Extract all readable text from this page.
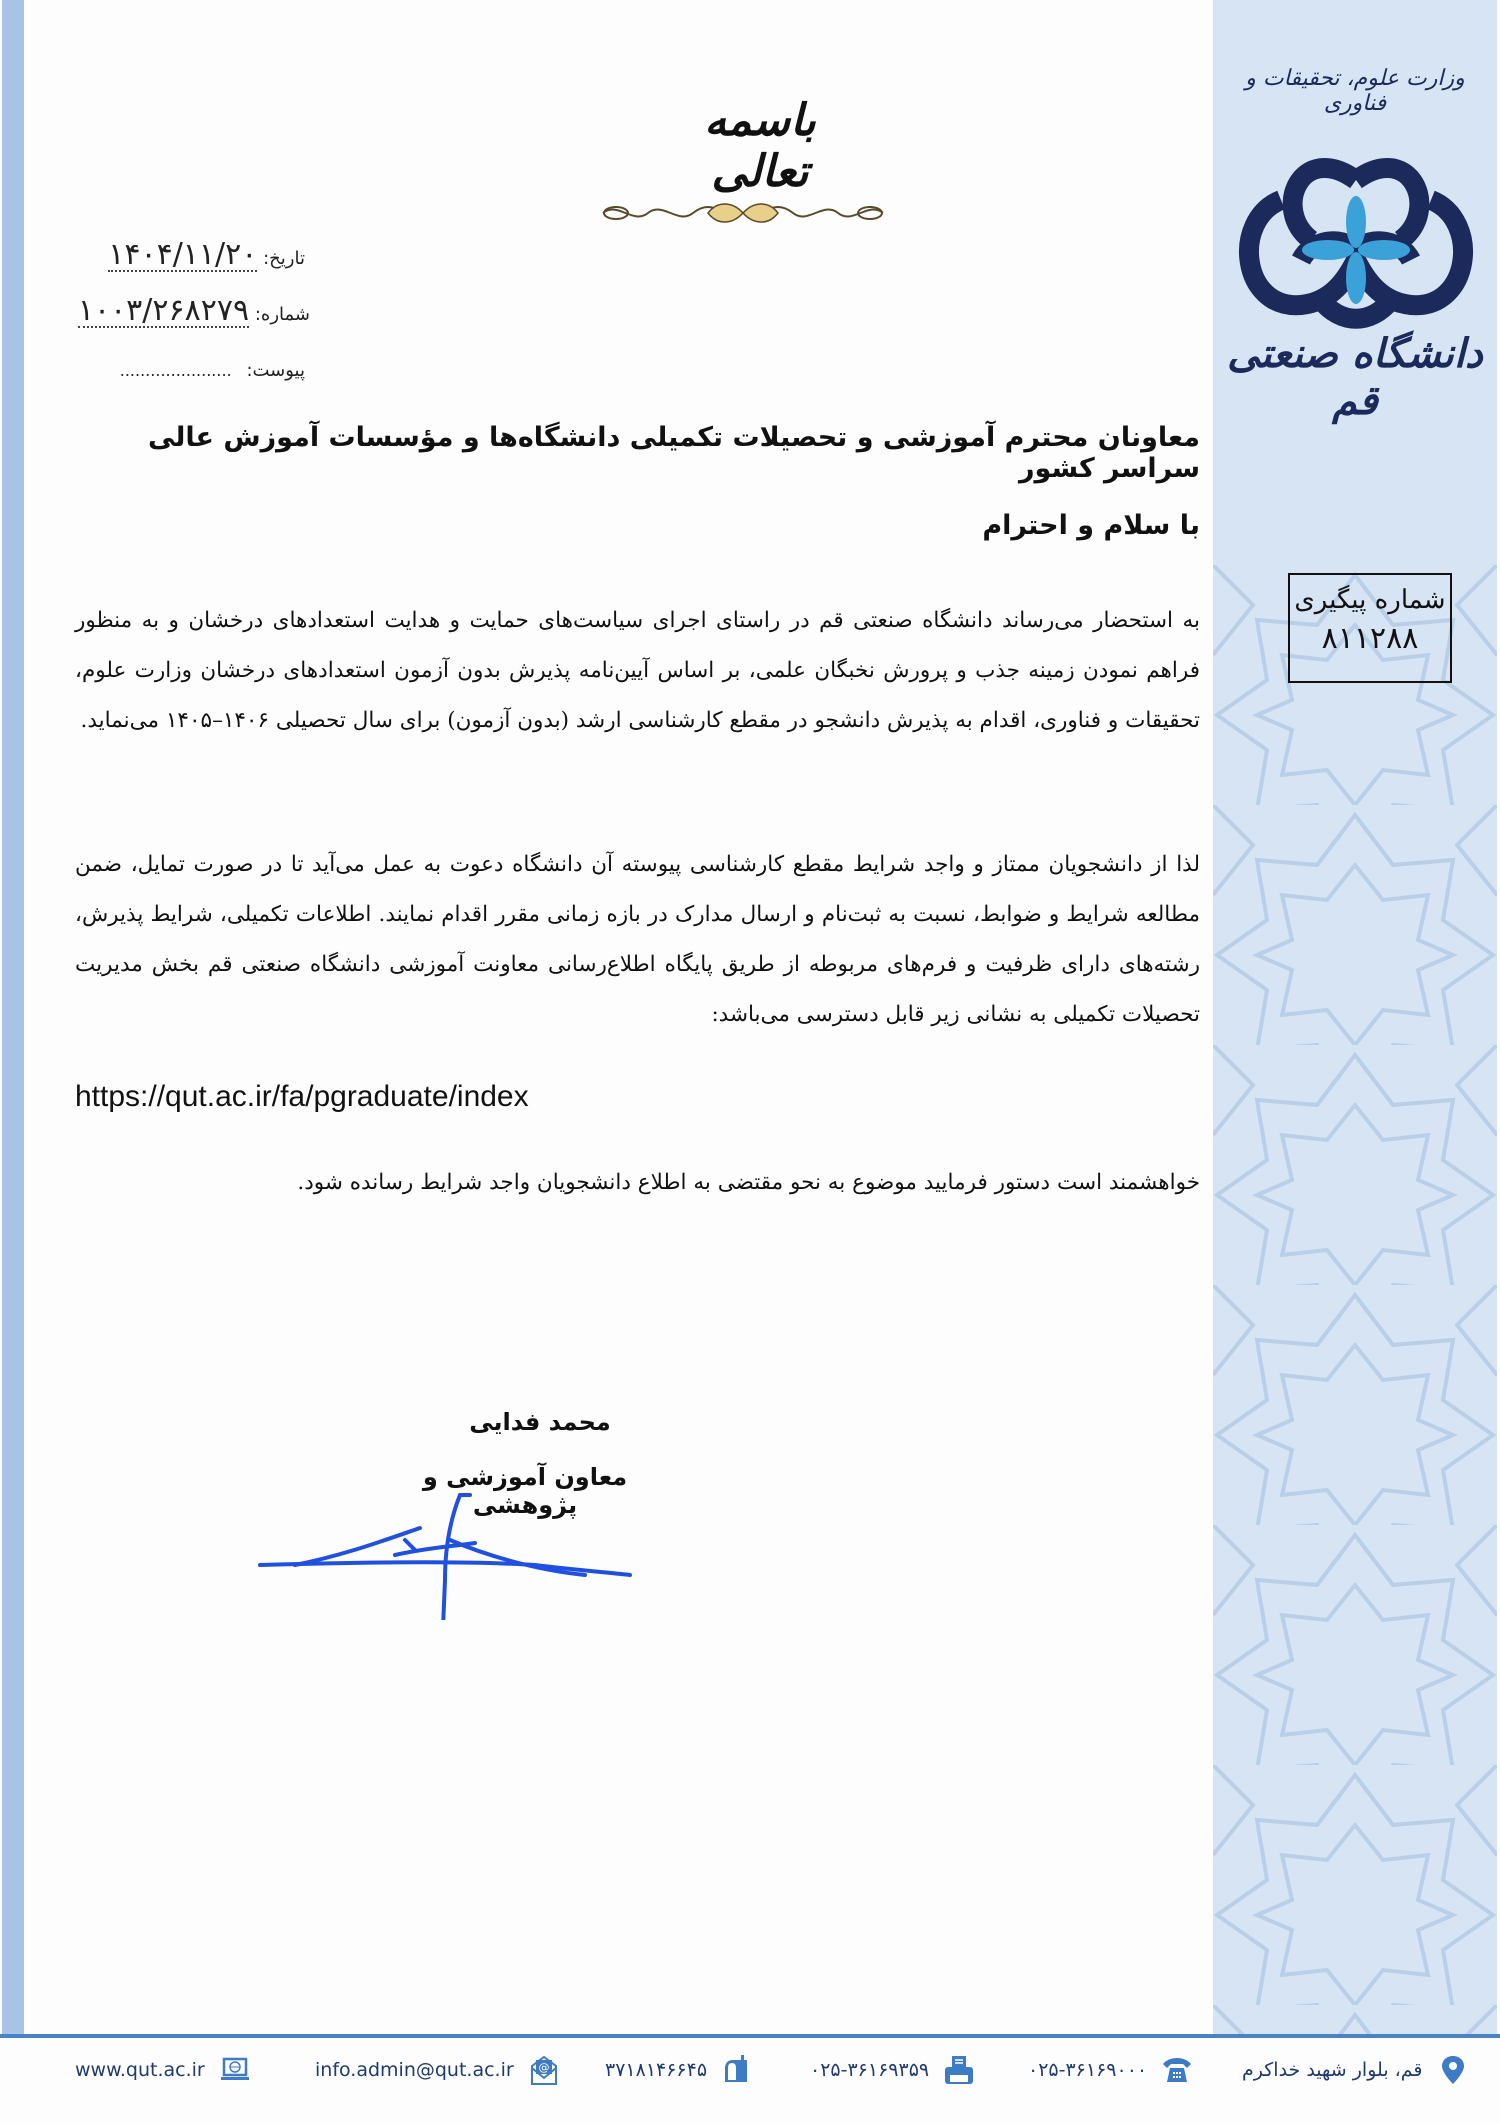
وزارت علوم، تحقیقات و فناوری
دانشگاه صنعتی قم
شماره پیگیری
۸۱۱۲۸۸
باسمه تعالی
تاریخ: ۱۴۰۴/۱۱/۲۰
شماره: ۱۰۰۳/۲۶۸۲۷۹
پیوست: ......................
معاونان محترم آموزشی و تحصیلات تکمیلی دانشگاه‌ها و مؤسسات آموزش عالی سراسر کشور
با سلام و احترام
به استحضار می‌رساند دانشگاه صنعتی قم در راستای اجرای سیاست‌های حمایت و هدایت استعدادهای درخشان و به منظور فراهم نمودن زمینه جذب و پرورش نخبگان علمی، بر اساس آیین‌نامه پذیرش بدون آزمون استعدادهای درخشان وزارت علوم، تحقیقات و فناوری، اقدام به پذیرش دانشجو در مقطع کارشناسی ارشد (بدون آزمون) برای سال تحصیلی ۱۴۰۶–۱۴۰۵ می‌نماید.
لذا از دانشجویان ممتاز و واجد شرایط مقطع کارشناسی پیوسته آن دانشگاه دعوت به عمل می‌آید تا در صورت تمایل، ضمن مطالعه شرایط و ضوابط، نسبت به ثبت‌نام و ارسال مدارک در بازه زمانی مقرر اقدام نمایند. اطلاعات تکمیلی، شرایط پذیرش، رشته‌های دارای ظرفیت و فرم‌های مربوطه از طریق پایگاه اطلاع‌رسانی معاونت آموزشی دانشگاه صنعتی قم بخش مدیریت تحصیلات تکمیلی به نشانی زیر قابل دسترسی می‌باشد:
https://qut.ac.ir/fa/pgraduate/index
خواهشمند است دستور فرمایید موضوع به نحو مقتضی به اطلاع دانشجویان واجد شرایط رسانده شود.
محمد فدایی
معاون آموزشی و پژوهشی
www.qut.ac.ir	info.admin@qut.ac.ir @	۳۷۱۸۱۴۶۶۴۵	۰۲۵-۳۶۱۶۹۳۵۹	۰۲۵-۳۶۱۶۹۰۰۰	قم، بلوار شهید خداکرم
